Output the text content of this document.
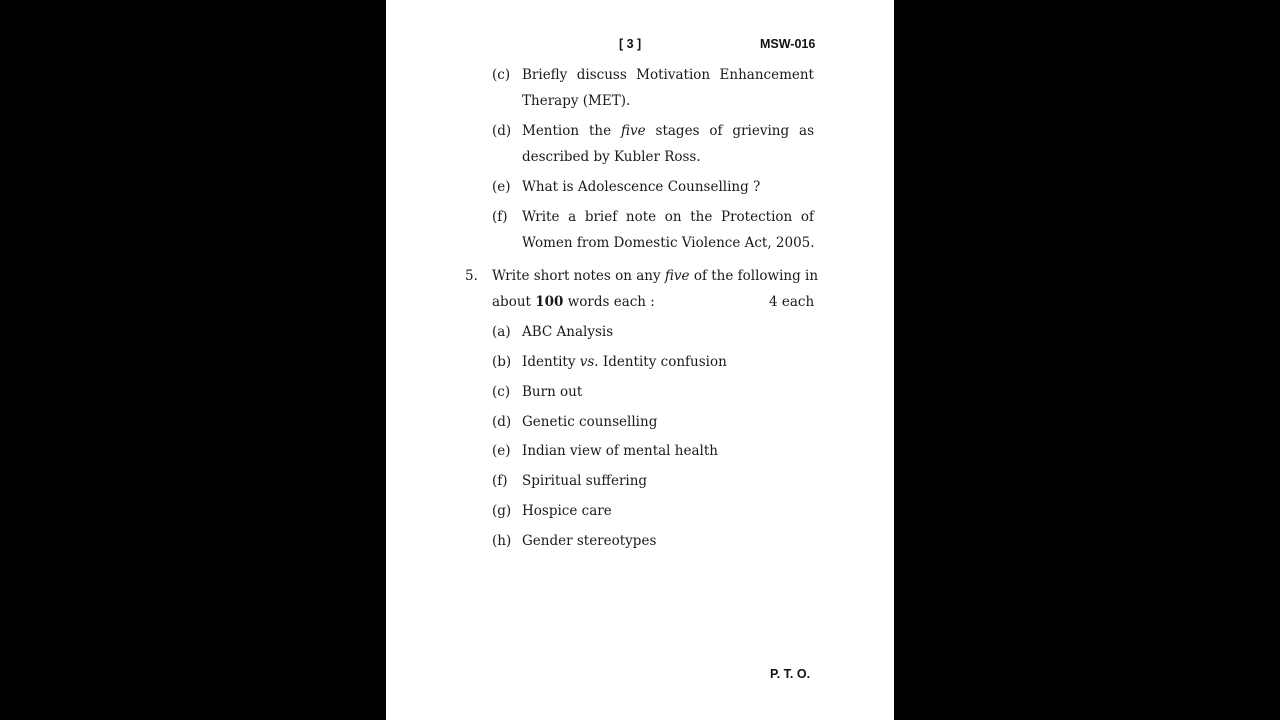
[ 3 ]	MSW-016
(c) Briefly discuss Motivation Enhancement
Therapy (MET).
(d) Mention the five stages of grieving as
described by Kubler Ross.
(e) What is Adolescence Counselling ?
(f) Write a brief note on the Protection of
Women from Domestic Violence Act, 2005.
5. Write short notes on any five of the following in
about 100 words each :	4 each
(a) ABC Analysis
(b) Identity vs. Identity confusion
(c) Burn out
(d) Genetic counselling
(e) Indian view of mental health
(f) Spiritual suffering
(g) Hospice care
(h) Gender stereotypes
P. T. O.
